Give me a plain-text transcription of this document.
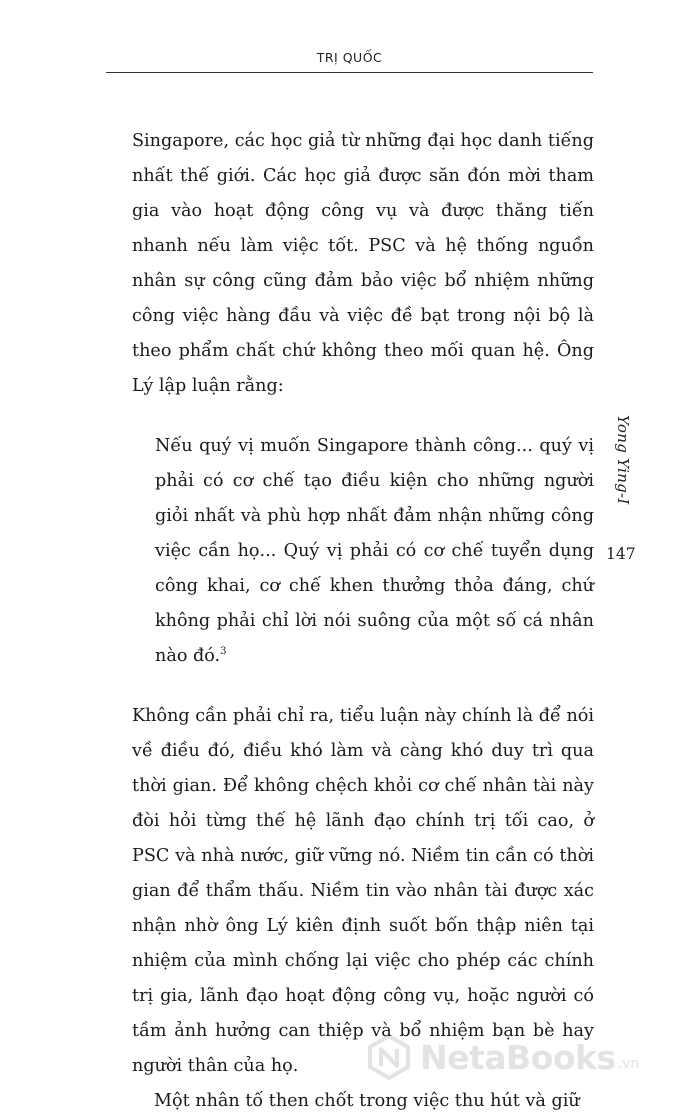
TRỊ QUỐC

Singapore, các học giả từ những đại học danh tiếng nhất thế giới. Các học giả được săn đón mời tham gia vào hoạt động công vụ và được thăng tiến nhanh nếu làm việc tốt. PSC và hệ thống nguồn nhân sự công cũng đảm bảo việc bổ nhiệm những công việc hàng đầu và việc đề bạt trong nội bộ là theo phẩm chất chứ không theo mối quan hệ. Ông Lý lập luận rằng:

Nếu quý vị muốn Singapore thành công... quý vị phải có cơ chế tạo điều kiện cho những người giỏi nhất và phù hợp nhất đảm nhận những công việc cần họ... Quý vị phải có cơ chế tuyển dụng công khai, cơ chế khen thưởng thỏa đáng, chứ không phải chỉ lời nói suông của một số cá nhân nào đó.$^3$

Không cần phải chỉ ra, tiểu luận này chính là để nói về điều đó, điều khó làm và càng khó duy trì qua thời gian. Để không chệch khỏi cơ chế nhân tài này đòi hỏi từng thế hệ lãnh đạo chính trị tối cao, ở PSC và nhà nước, giữ vững nó. Niềm tin cần có thời gian để thẩm thấu. Niềm tin vào nhân tài được xác nhận nhờ ông Lý kiên định suốt bốn thập niên tại nhiệm của mình chống lại việc cho phép các chính trị gia, lãnh đạo hoạt động công vụ, hoặc người có tầm ảnh hưởng can thiệp và bổ nhiệm bạn bè hay người thân của họ.

Một nhân tố then chốt trong việc thu hút và giữ

Yong Ying-I
147
NetaBooks .vn
